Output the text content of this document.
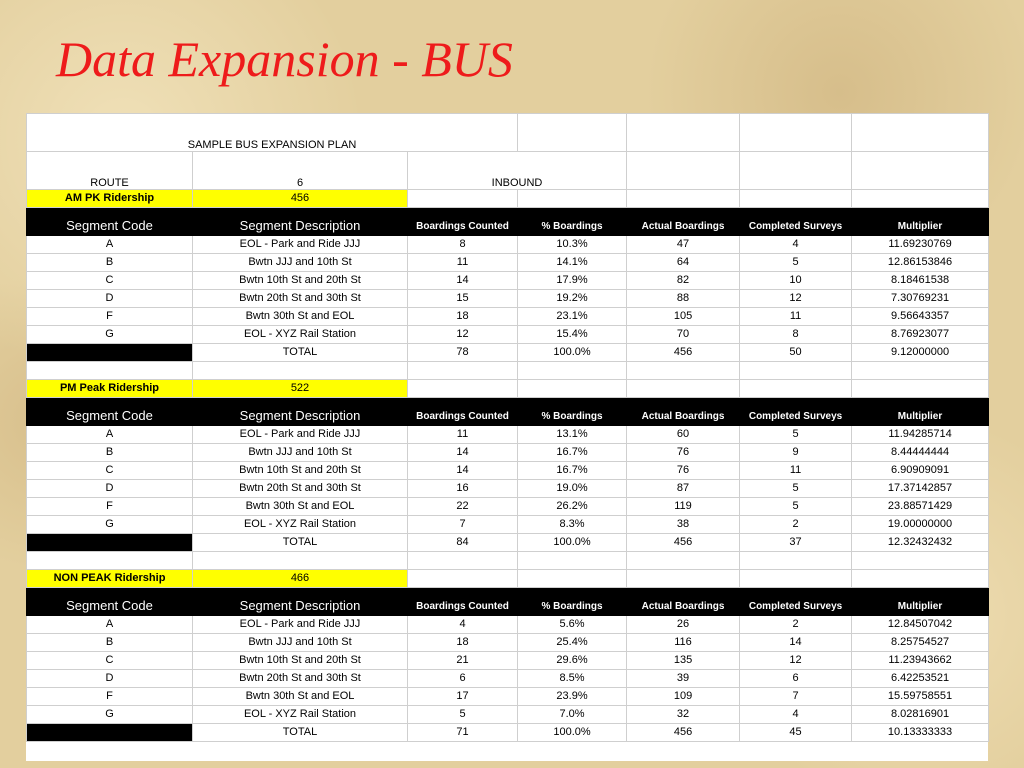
Data Expansion - BUS
SAMPLE BUS EXPANSION PLAN						
ROUTE	6	INBOUND				
AM PK Ridership	456					
Segment Code	Segment Description	Boardings Counted	% Boardings	Actual Boardings	Completed Surveys	Multiplier
A	EOL - Park and Ride JJJ	8	10.3%	47	4	11.69230769
B	Bwtn JJJ and 10th St	11	14.1%	64	5	12.86153846
C	Bwtn 10th St and 20th St	14	17.9%	82	10	8.18461538
D	Bwtn 20th St and 30th St	15	19.2%	88	12	7.30769231
F	Bwtn 30th St and EOL	18	23.1%	105	11	9.56643357
G	EOL - XYZ Rail Station	12	15.4%	70	8	8.76923077
	TOTAL	78	100.0%	456	50	9.12000000

PM Peak Ridership	522					
Segment Code	Segment Description	Boardings Counted	% Boardings	Actual Boardings	Completed Surveys	Multiplier
A	EOL - Park and Ride JJJ	11	13.1%	60	5	11.94285714
B	Bwtn JJJ and 10th St	14	16.7%	76	9	8.44444444
C	Bwtn 10th St and 20th St	14	16.7%	76	11	6.90909091
D	Bwtn 20th St and 30th St	16	19.0%	87	5	17.37142857
F	Bwtn 30th St and EOL	22	26.2%	119	5	23.88571429
G	EOL - XYZ Rail Station	7	8.3%	38	2	19.00000000
	TOTAL	84	100.0%	456	37	12.32432432

NON PEAK Ridership	466					
Segment Code	Segment Description	Boardings Counted	% Boardings	Actual Boardings	Completed Surveys	Multiplier
A	EOL - Park and Ride JJJ	4	5.6%	26	2	12.84507042
B	Bwtn JJJ and 10th St	18	25.4%	116	14	8.25754527
C	Bwtn 10th St and 20th St	21	29.6%	135	12	11.23943662
D	Bwtn 20th St and 30th St	6	8.5%	39	6	6.42253521
F	Bwtn 30th St and EOL	17	23.9%	109	7	15.59758551
G	EOL - XYZ Rail Station	5	7.0%	32	4	8.02816901
	TOTAL	71	100.0%	456	45	10.13333333
